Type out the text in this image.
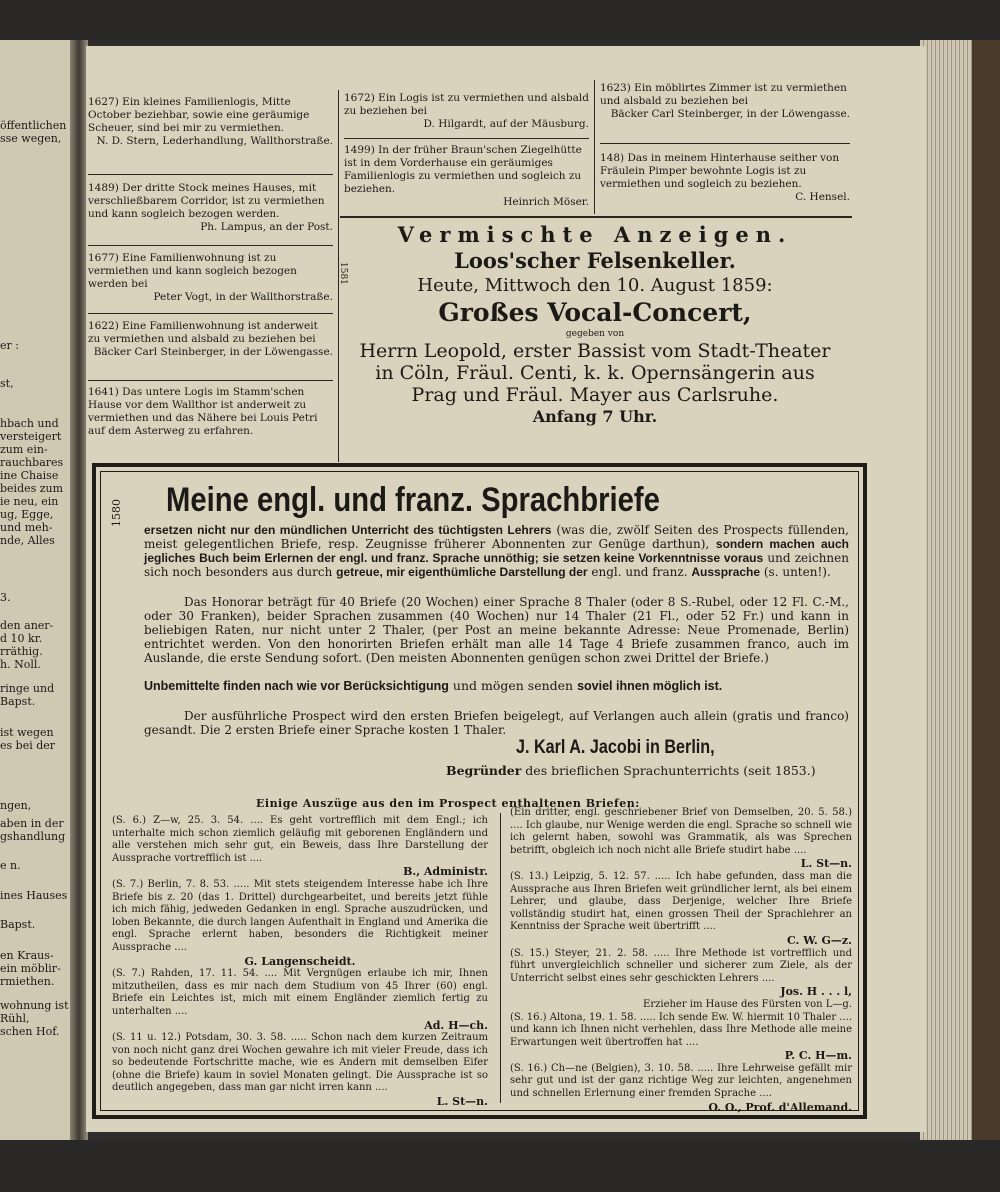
öffentlichen
sse wegen,
er :
st,
hbach und
versteigert
zum ein-
rauchbares
ine Chaise
beides zum
ie neu, ein
ug, Egge,
und meh-
nde, Alles
3.
den aner-
d 10 kr.
rräthig.
h. Noll.
ringe und
Bapst.
ist wegen
es bei der
ngen,
aben in der
gshandlung
e n.
ines Hauses
Bapst.
en Kraus-
ein möblir-
rmiethen.
wohnung ist
Rühl,
schen Hof.

1627) Ein kleines Familienlogis, Mitte October beziehbar, sowie eine geräumige Scheuer, sind bei mir zu vermiethen.

N. D. Stern, Lederhandlung, Wallthorstraße.

1489) Der dritte Stock meines Hauses, mit verschließbarem Corridor, ist zu vermiethen und kann sogleich bezogen werden.

Ph. Lampus, an der Post.

1677) Eine Familienwohnung ist zu vermiethen und kann sogleich bezogen werden bei

Peter Vogt, in der Wallthorstraße.

1622) Eine Familienwohnung ist anderweit zu vermiethen und alsbald zu beziehen bei

Bäcker Carl Steinberger, in der Löwengasse.

1641) Das untere Logis im Stamm'schen Hause vor dem Wallthor ist anderweit zu vermiethen und das Nähere bei Louis Petri auf dem Asterweg zu erfahren.

1672) Ein Logis ist zu vermiethen und alsbald zu beziehen bei

D. Hilgardt, auf der Mäusburg.

1499) In der früher Braun'schen Ziegelhütte ist in dem Vorderhause ein geräumiges Familienlogis zu vermiethen und sogleich zu beziehen.

Heinrich Möser.

1623) Ein möblirtes Zimmer ist zu vermiethen und alsbald zu beziehen bei

Bäcker Carl Steinberger, in der Löwengasse.

148) Das in meinem Hinterhause seither von Fräulein Pimper bewohnte Logis ist zu vermiethen und sogleich zu beziehen.

C. Hensel.

1581
Vermischte Anzeigen.
Loos'scher Felsenkeller.
Heute, Mittwoch den 10. August 1859:
Großes Vocal-Concert,
gegeben von
Herrn Leopold, erster Bassist vom Stadt-Theater
in Cöln, Fräul. Centi, k. k. Opernsängerin aus
Prag und Fräul. Mayer aus Carlsruhe.
Anfang 7 Uhr.
1580 Meine engl. und franz. Sprachbriefe
ersetzen nicht nur den mündlichen Unterricht des tüchtigsten Lehrers (was die, zwölf Seiten des Prospects füllenden, meist gelegentlichen Briefe, resp. Zeugnisse früherer Abonnenten zur Genüge darthun), sondern machen auch jegliches Buch beim Erlernen der engl. und franz. Sprache unnöthig; sie setzen keine Vorkenntnisse voraus und zeichnen sich noch besonders aus durch getreue, mir eigenthümliche Darstellung der engl. und franz. Aussprache (s. unten!).
Das Honorar beträgt für 40 Briefe (20 Wochen) einer Sprache 8 Thaler (oder 8 S.-Rubel, oder 12 Fl. C.-M., oder 30 Franken), beider Sprachen zusammen (40 Wochen) nur 14 Thaler (21 Fl., oder 52 Fr.) und kann in beliebigen Raten, nur nicht unter 2 Thaler, (per Post an meine bekannte Adresse: Neue Promenade, Berlin) entrichtet werden. Von den honorirten Briefen erhält man alle 14 Tage 4 Briefe zusammen franco, auch im Auslande, die erste Sendung sofort. (Den meisten Abonnenten genügen schon zwei Drittel der Briefe.)
Unbemittelte finden nach wie vor Berücksichtigung und mögen senden soviel ihnen möglich ist.
Der ausführliche Prospect wird den ersten Briefen beigelegt, auf Verlangen auch allein (gratis und franco) gesandt. Die 2 ersten Briefe einer Sprache kosten 1 Thaler.
J. Karl A. Jacobi in Berlin,
Begründer des brieflichen Sprachunterrichts (seit 1853.)
Einige Auszüge aus den im Prospect enthaltenen Briefen:

(S. 6.) Z—w, 25. 3. 54. .... Es geht vortrefflich mit dem Engl.; ich unterhalte mich schon ziemlich geläufig mit geborenen Engländern und alle verstehen mich sehr gut, ein Beweis, dass Ihre Darstellung der Aussprache vortrefflich ist ....

B., Administr.

(S. 7.) Berlin, 7. 8. 53. ..... Mit stets steigendem Interesse habe ich Ihre Briefe bis z. 20 (das 1. Drittel) durchgearbeitet, und bereits jetzt fühle ich mich fähig, jedweden Gedanken in engl. Sprache auszudrücken, und loben Bekannte, die durch langen Aufenthalt in England und Amerika die engl. Sprache erlernt haben, besonders die Richtigkeit meiner Aussprache ....

G. Langenscheidt.

(S. 7.) Rahden, 17. 11. 54. .... Mit Vergnügen erlaube ich mir, Ihnen mitzutheilen, dass es mir nach dem Studium von 45 Ihrer (60) engl. Briefe ein Leichtes ist, mich mit einem Engländer ziemlich fertig zu unterhalten ....

Ad. H—ch.

(S. 11 u. 12.) Potsdam, 30. 3. 58. ..... Schon nach dem kurzen Zeitraum von noch nicht ganz drei Wochen gewahre ich mit vieler Freude, dass ich so bedeutende Fortschritte mache, wie es Andern mit demselben Eifer (ohne die Briefe) kaum in soviel Monaten gelingt. Die Aussprache ist so deutlich angegeben, dass man gar nicht irren kann ....

L. St—n.

(Ein dritter, engl. geschriebener Brief von Demselben, 20. 5. 58.) .... Ich glaube, nur Wenige werden die engl. Sprache so schnell wie ich gelernt haben, sowohl was Grammatik, als was Sprechen betrifft, obgleich ich noch nicht alle Briefe studirt habe ....

L. St—n.

(S. 13.) Leipzig, 5. 12. 57. ..... Ich habe gefunden, dass man die Aussprache aus Ihren Briefen weit gründlicher lernt, als bei einem Lehrer, und glaube, dass Derjenige, welcher Ihre Briefe vollständig studirt hat, einen grossen Theil der Sprachlehrer an Kenntniss der Sprache weit übertrifft ....

C. W. G—z.

(S. 15.) Steyer, 21. 2. 58. ..... Ihre Methode ist vortrefflich und führt unvergleichlich schneller und sicherer zum Ziele, als der Unterricht selbst eines sehr geschickten Lehrers ....

Jos. H . . . l,
Erzieher im Hause des Fürsten von L—g.

(S. 16.) Altona, 19. 1. 58. ..... Ich sende Ew. W. hiermit 10 Thaler .... und kann ich Ihnen nicht verhehlen, dass Ihre Methode alle meine Erwartungen weit übertroffen hat ....

P. C. H—m.

(S. 16.) Ch—ne (Belgien), 3. 10. 58. ..... Ihre Lehrweise gefällt mir sehr gut und ist der ganz richtige Weg zur leichten, angenehmen und schnellen Erlernung einer fremden Sprache ....

O. O., Prof. d'Allemand.
